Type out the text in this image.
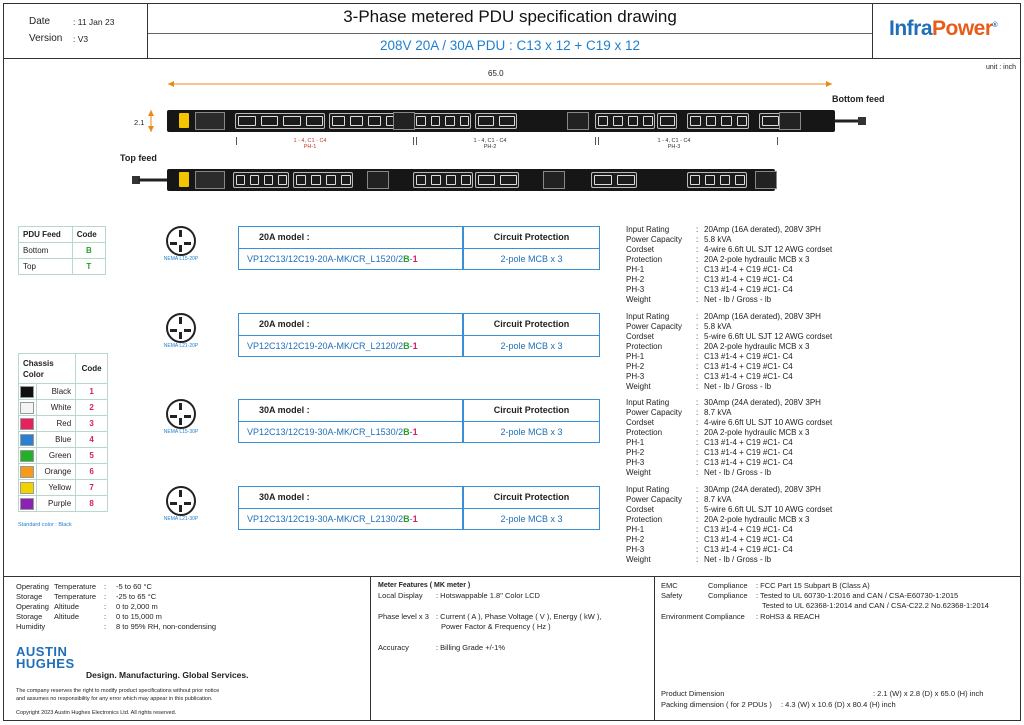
Date	: 11 Jan 23
Version : V3
3-Phase metered PDU specification drawing
208V 20A / 30A PDU : C13 x 12 + C19 x 12
InfraPower®
unit : inch
65.0
2.1
Bottom feed
1 - 4, C1 - C4
PH-1
1 - 4, C1 - C4
PH-2
1 - 4, C1 - C4
PH-3
Top feed
PDU Feed	Code
Bottom	B
Top	T
Chassis
Color		Code

	Black	1

	White	2

	Red	3

	Blue	4

	Green	5

	Orange	6

	Yellow	7

	Purple	8
Standard color : Black
NEMA L15-20P
20A model :	Circuit Protection
VP12C13/12C19-20A-MK/CR_L1520/2B-1	2-pole MCB x 3
Input Rating	: 20Amp (16A derated), 208V 3PH
Power Capacity	: 5.8 kVA
Cordset	: 4-wire 6.6ft UL SJT 12 AWG cordset
Protection	: 20A 2-pole hydraulic MCB x 3
PH-1	: C13 #1-4 + C19 #C1- C4
PH-2	: C13 #1-4 + C19 #C1- C4
PH-3	: C13 #1-4 + C19 #C1- C4
Weight	: Net - lb / Gross - lb
NEMA L21-20P
20A model :	Circuit Protection
VP12C13/12C19-20A-MK/CR_L2120/2B-1	2-pole MCB x 3
Input Rating	: 20Amp (16A derated), 208V 3PH
Power Capacity	: 5.8 kVA
Cordset	: 5-wire 6.6ft UL SJT 12 AWG cordset
Protection	: 20A 2-pole hydraulic MCB x 3
PH-1	: C13 #1-4 + C19 #C1- C4
PH-2	: C13 #1-4 + C19 #C1- C4
PH-3	: C13 #1-4 + C19 #C1- C4
Weight	: Net - lb / Gross - lb
NEMA L15-30P
30A model :	Circuit Protection
VP12C13/12C19-30A-MK/CR_L1530/2B-1	2-pole MCB x 3
Input Rating	: 30Amp (24A derated), 208V 3PH
Power Capacity	: 8.7 kVA
Cordset	: 4-wire 6.6ft UL SJT 10 AWG cordset
Protection	: 20A 2-pole hydraulic MCB x 3
PH-1	: C13 #1-4 + C19 #C1- C4
PH-2	: C13 #1-4 + C19 #C1- C4
PH-3	: C13 #1-4 + C19 #C1- C4
Weight	: Net - lb / Gross - lb
NEMA L21-30P
30A model :	Circuit Protection
VP12C13/12C19-30A-MK/CR_L2130/2B-1	2-pole MCB x 3
Input Rating	: 30Amp (24A derated), 208V 3PH
Power Capacity	: 8.7 kVA
Cordset	: 5-wire 6.6ft UL SJT 10 AWG cordset
Protection	: 20A 2-pole hydraulic MCB x 3
PH-1	: C13 #1-4 + C19 #C1- C4
PH-2	: C13 #1-4 + C19 #C1- C4
PH-3	: C13 #1-4 + C19 #C1- C4
Weight	: Net - lb / Gross - lb
Operating Temperature : -5 to 60 °C
Storage Temperature : -25 to 65 °C
Operating Altitude	: 0 to 2,000 m
Storage Altitude	: 0 to 15,000 m
Humidity	: 8 to 95% RH, non-condensing
AUSTIN
HUGHES
Design. Manufacturing. Global Services.
The company reserves the right to modify product specifications without prior notice
and assumes no responsibility for any error which may appear in this publication.
Copyright 2023 Austin Hughes Electronics Ltd. All rights reserved.
Meter Features ( MK meter )
Local Display : Hotswappable 1.8" Color LCD
Phase level x 3 : Current ( A ), Phase Voltage ( V ), Energy ( kW ),
Power Factor & Frequency ( Hz )
Accuracy	: Billing Grade +/-1%
EMC	Compliance : FCC Part 15 Subpart B (Class A)
Safety	Compliance : Tested to UL 60730-1:2016 and CAN / CSA-E60730-1:2015
Tested to UL 62368-1:2014 and CAN / CSA-C22.2 No.62368-1:2014
Environment Compliance : RoHS3 & REACH
Product Dimension	: 2.1 (W) x 2.8 (D) x 65.0 (H) inch
Packing dimension ( for 2 PDUs ) : 4.3 (W) x 10.6 (D) x 80.4 (H) inch
